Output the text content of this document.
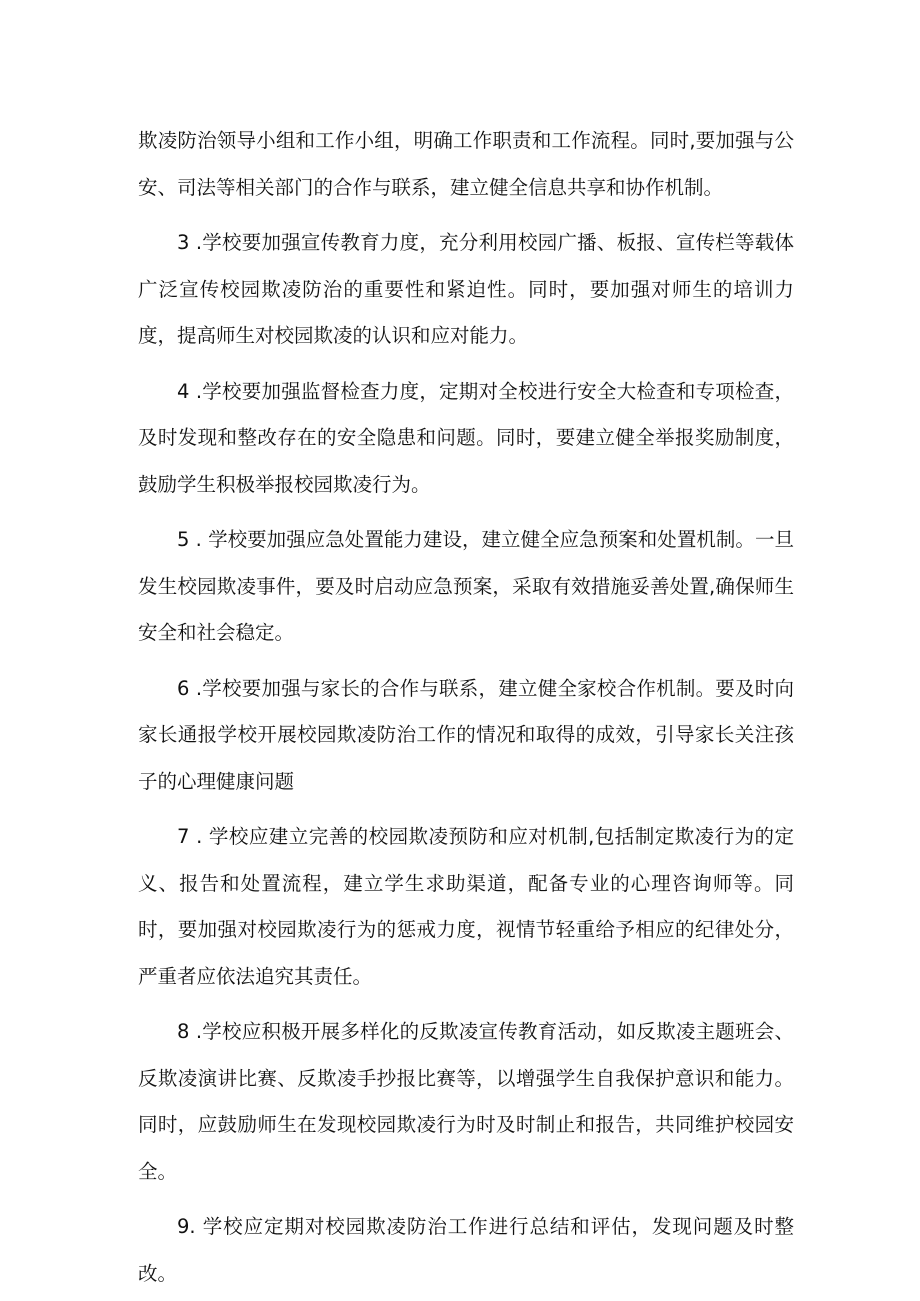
欺凌防治领导小组和工作小组，明确工作职责和工作流程。同时,要加强与公安、司法等相关部门的合作与联系，建立健全信息共享和协作机制。

3 .学校要加强宣传教育力度，充分利用校园广播、板报、宣传栏等载体广泛宣传校园欺凌防治的重要性和紧迫性。同时，要加强对师生的培训力度，提高师生对校园欺凌的认识和应对能力。

4 .学校要加强监督检查力度，定期对全校进行安全大检查和专项检查，及时发现和整改存在的安全隐患和问题。同时，要建立健全举报奖励制度，鼓励学生积极举报校园欺凌行为。

5 . 学校要加强应急处置能力建设，建立健全应急预案和处置机制。一旦发生校园欺凌事件，要及时启动应急预案，采取有效措施妥善处置,确保师生安全和社会稳定。

6 .学校要加强与家长的合作与联系，建立健全家校合作机制。要及时向家长通报学校开展校园欺凌防治工作的情况和取得的成效，引导家长关注孩子的心理健康问题

7 . 学校应建立完善的校园欺凌预防和应对机制,包括制定欺凌行为的定义、报告和处置流程，建立学生求助渠道，配备专业的心理咨询师等。同时，要加强对校园欺凌行为的惩戒力度，视情节轻重给予相应的纪律处分，严重者应依法追究其责任。

8 .学校应积极开展多样化的反欺凌宣传教育活动，如反欺凌主题班会、反欺凌演讲比赛、反欺凌手抄报比赛等，以增强学生自我保护意识和能力。同时，应鼓励师生在发现校园欺凌行为时及时制止和报告，共同维护校园安全。

9. 学校应定期对校园欺凌防治工作进行总结和评估，发现问题及时整改。
